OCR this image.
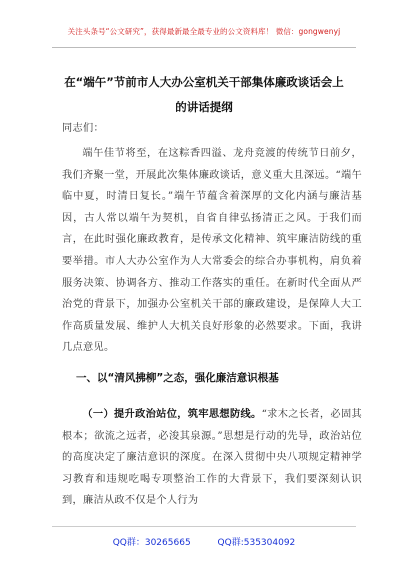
关注头条号“公文研究”，获得最新最全最专业的公文资料库！ 微信：gongwenyj
在“端午”节前市人大办公室机关干部集体廉政谈话会上
的讲话提纲
同志们：
端午佳节将至，在这粽香四溢、龙舟竞渡的传统节日前夕，我们齐聚一堂，开展此次集体廉政谈话，意义重大且深远。“端午临中夏，时清日复长。”端午节蕴含着深厚的文化内涵与廉洁基因，古人常以端午为契机，自省自律弘扬清正之风。于我们而言，在此时强化廉政教育，是传承文化精神、筑牢廉洁防线的重要举措。市人大办公室作为人大常委会的综合办事机构，肩负着服务决策、协调各方、推动工作落实的重任。在新时代全面从严治党的背景下，加强办公室机关干部的廉政建设，是保障人大工作高质量发展、维护人大机关良好形象的必然要求。下面，我讲几点意见。
一、以“清风拂柳”之态，强化廉洁意识根基
（一）提升政治站位，筑牢思想防线。“求木之长者，必固其根本；欲流之远者，必浚其泉源。”思想是行动的先导，政治站位的高度决定了廉洁意识的深度。在深入贯彻中央八项规定精神学习教育和违规吃喝专项整治工作的大背景下，我们要深刻认识到，廉洁从政不仅是个人行为
QQ群：30265665	QQ群:535304092
